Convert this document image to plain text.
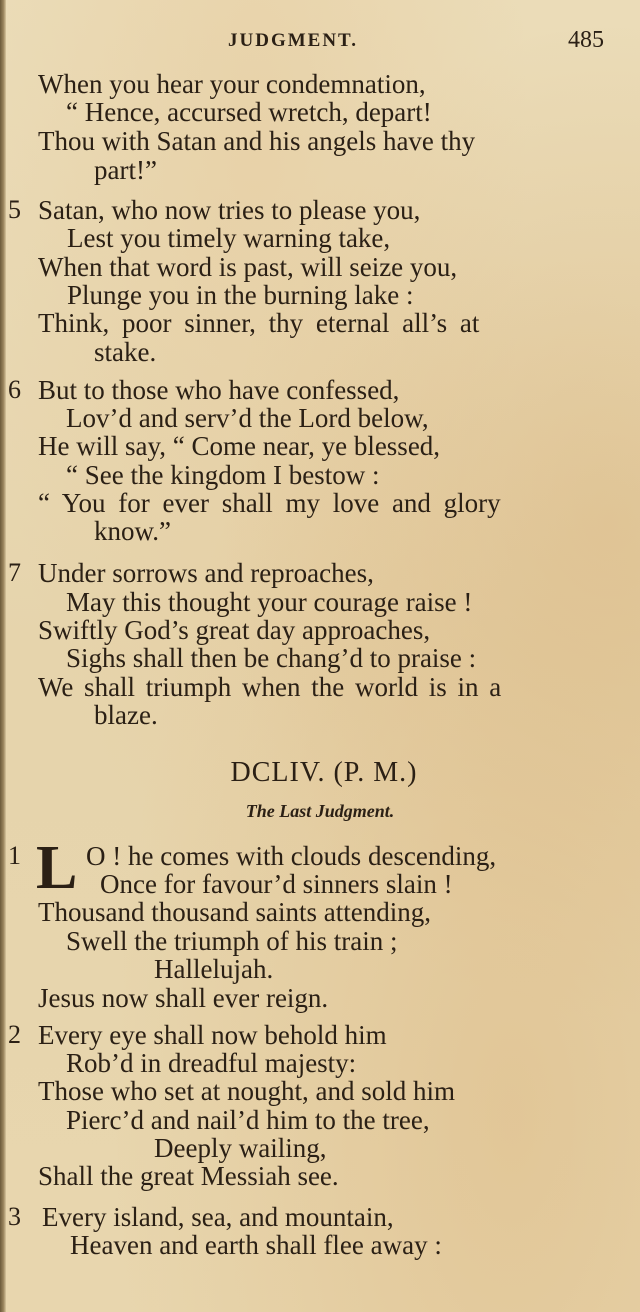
JUDGMENT.	485
When you hear your condemnation,
“ Hence, accursed wretch, depart!
Thou with Satan and his angels have thy
part!”
5 Satan, who now tries to please you,
Lest you timely warning take,
When that word is past, will seize you,
Plunge you in the burning lake :
Think, poor sinner, thy eternal all’s at
stake.
6 But to those who have confessed,
Lov’d and serv’d the Lord below,
He will say, “ Come near, ye blessed,
“ See the kingdom I bestow :
“ You for ever shall my love and glory
know.”
7 Under sorrows and reproaches,
May this thought your courage raise !
Swiftly God’s great day approaches,
Sighs shall then be chang’d to praise :
We shall triumph when the world is in a
blaze.
DCLIV. (P. M.)
The Last Judgment.
1 L O ! he comes with clouds descending,
Once for favour’d sinners slain !
Thousand thousand saints attending,
Swell the triumph of his train ;
Hallelujah.
Jesus now shall ever reign.
2 Every eye shall now behold him
Rob’d in dreadful majesty:
Those who set at nought, and sold him
Pierc’d and nail’d him to the tree,
Deeply wailing,
Shall the great Messiah see.
3 Every island, sea, and mountain,
Heaven and earth shall flee away :
